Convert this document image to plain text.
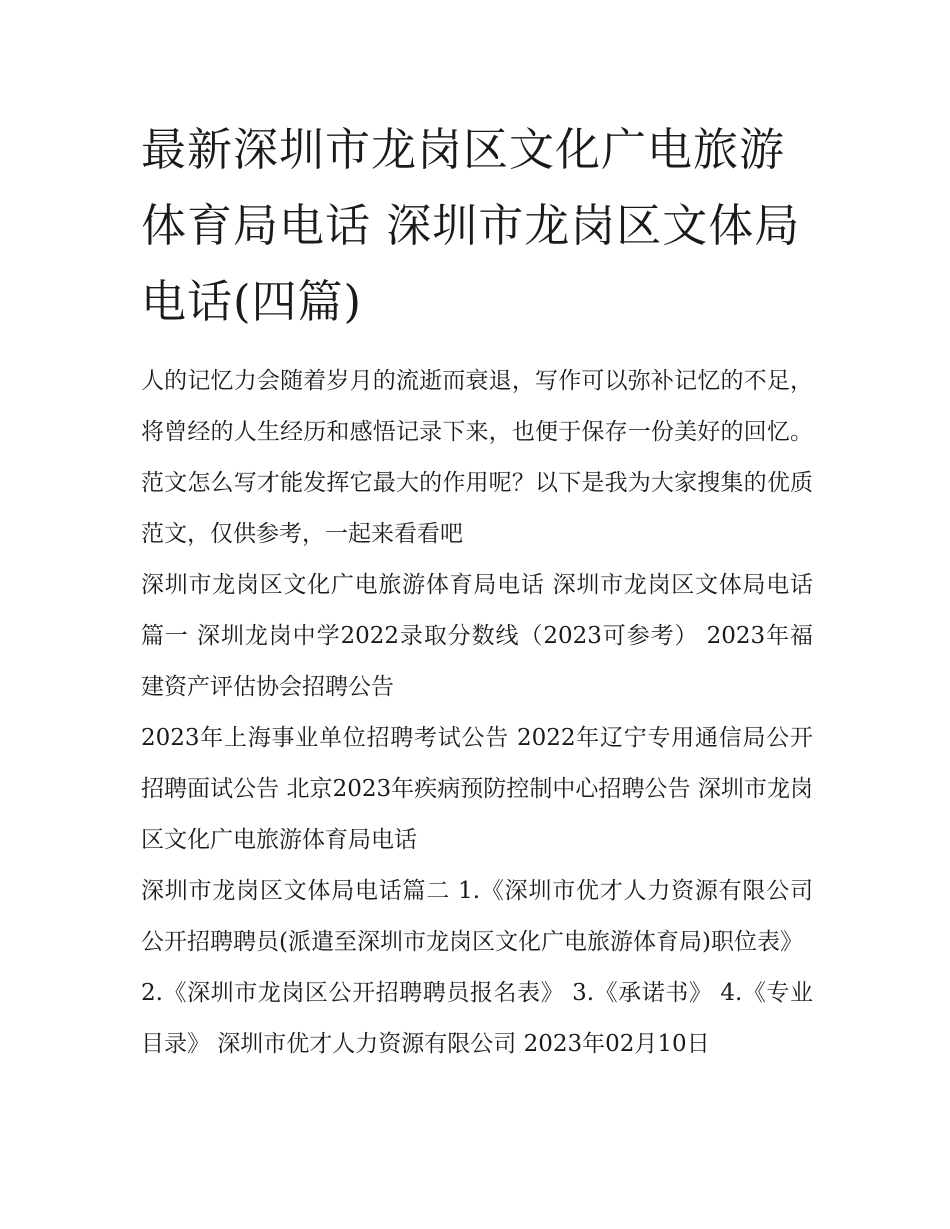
最新深圳市龙岗区文化广电旅游体育局电话 深圳市龙岗区文体局电话(四篇)

人的记忆力会随着岁月的流逝而衰退，写作可以弥补记忆的不足，将曾经的人生经历和感悟记录下来，也便于保存一份美好的回忆。范文怎么写才能发挥它最大的作用呢？以下是我为大家搜集的优质范文，仅供参考，一起来看看吧

深圳市龙岗区文化广电旅游体育局电话 深圳市龙岗区文体局电话篇一 深圳龙岗中学2022录取分数线（2023可参考） 2023年福建资产评估协会招聘公告

2023年上海事业单位招聘考试公告 2022年辽宁专用通信局公开招聘面试公告 北京2023年疾病预防控制中心招聘公告 深圳市龙岗区文化广电旅游体育局电话

深圳市龙岗区文体局电话篇二 1.《深圳市优才人力资源有限公司公开招聘聘员(派遣至深圳市龙岗区文化广电旅游体育局)职位表》

2.《深圳市龙岗区公开招聘聘员报名表》 3.《承诺书》 4.《专业目录》 深圳市优才人力资源有限公司 2023年02月10日
